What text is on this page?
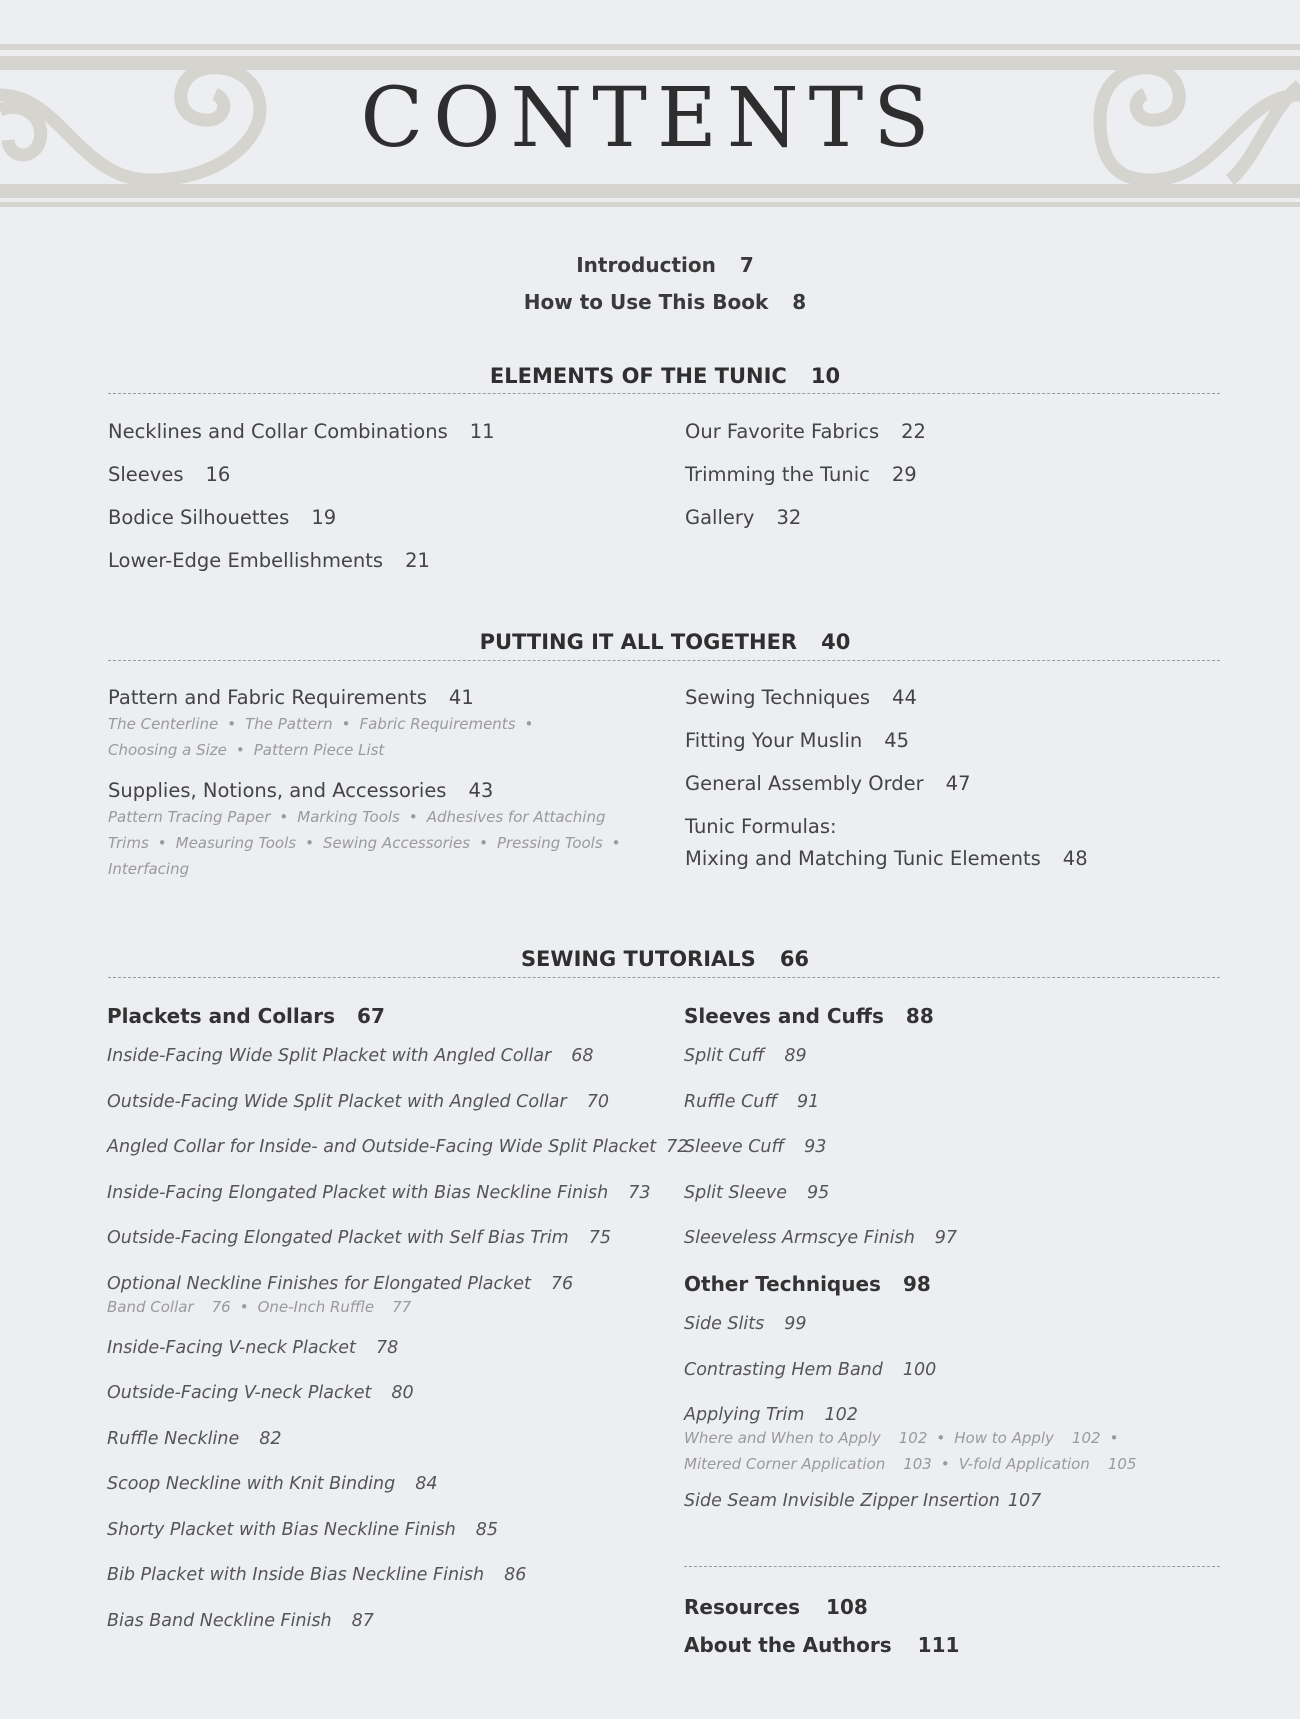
CONTENTS
Introduction 7
How to Use This Book 8
ELEMENTS OF THE TUNIC 10
Necklines and Collar Combinations 11
Sleeves 16
Bodice Silhouettes 19
Lower-Edge Embellishments 21
Our Favorite Fabrics 22
Trimming the Tunic 29
Gallery 32
PUTTING IT ALL TOGETHER 40
Pattern and Fabric Requirements 41
The Centerline • The Pattern • Fabric Requirements •
Choosing a Size • Pattern Piece List
Supplies, Notions, and Accessories 43
Pattern Tracing Paper • Marking Tools • Adhesives for Attaching
Trims • Measuring Tools • Sewing Accessories • Pressing Tools •
Interfacing
Sewing Techniques 44
Fitting Your Muslin 45
General Assembly Order 47
Tunic Formulas:
Mixing and Matching Tunic Elements 48
SEWING TUTORIALS 66
Plackets and Collars 67
Inside-Facing Wide Split Placket with Angled Collar 68
Outside-Facing Wide Split Placket with Angled Collar 70
Angled Collar for Inside- and Outside-Facing Wide Split Placket 72
Inside-Facing Elongated Placket with Bias Neckline Finish 73
Outside-Facing Elongated Placket with Self Bias Trim 75
Optional Neckline Finishes for Elongated Placket 76
Band Collar 76 • One-Inch Ruffle 77
Inside-Facing V-neck Placket 78
Outside-Facing V-neck Placket 80
Ruffle Neckline 82
Scoop Neckline with Knit Binding 84
Shorty Placket with Bias Neckline Finish 85
Bib Placket with Inside Bias Neckline Finish 86
Bias Band Neckline Finish 87
Sleeves and Cuffs 88
Split Cuff 89
Ruffle Cuff 91
Sleeve Cuff 93
Split Sleeve 95
Sleeveless Armscye Finish 97
Other Techniques 98
Side Slits 99
Contrasting Hem Band 100
Applying Trim 102
Where and When to Apply 102 • How to Apply 102 •
Mitered Corner Application 103 • V-fold Application 105
Side Seam Invisible Zipper Insertion 107
Resources 108
About the Authors 111
